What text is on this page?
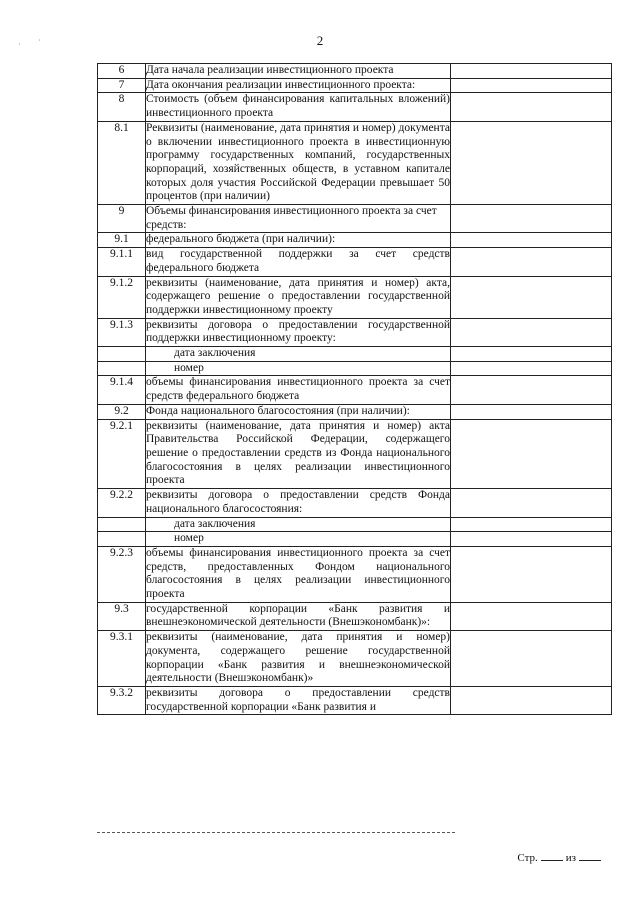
2
· ·
6	Дата начала реализации инвестиционного проекта	
7	Дата окончания реализации инвестиционного проекта:	
8	Стоимость (объем финансирования капитальных вложений) инвестиционного проекта	
8.1	Реквизиты (наименование, дата принятия и номер) документа о включении инвестиционного проекта в инвестиционную программу государственных компаний, государственных корпораций, хозяйственных обществ, в уставном капитале которых доля участия Российской Федерации превышает 50 процентов (при наличии)	
9	Объемы финансирования инвестиционного проекта за счет средств:	
9.1	федерального бюджета (при наличии):	
9.1.1	вид государственной поддержки за счет средств федерального бюджета	
9.1.2	реквизиты (наименование, дата принятия и номер) акта, содержащего решение о предоставлении государственной поддержки инвестиционному проекту	
9.1.3	реквизиты договора о предоставлении государственной поддержки инвестиционному проекту:	
	дата заключения	
	номер	
9.1.4	объемы финансирования инвестиционного проекта за счет средств федерального бюджета	
9.2	Фонда национального благосостояния (при наличии):	
9.2.1	реквизиты (наименование, дата принятия и номер) акта Правительства Российской Федерации, содержащего решение о предоставлении средств из Фонда национального благосостояния в целях реализации инвестиционного проекта	
9.2.2	реквизиты договора о предоставлении средств Фонда национального благосостояния:	
	дата заключения	
	номер	
9.2.3	объемы финансирования инвестиционного проекта за счет средств, предоставленных Фондом национального благосостояния в целях реализации инвестиционного проекта	
9.3	государственной корпорации «Банк развития и внешнеэкономической деятельности (Внешэкономбанк)»:	
9.3.1	реквизиты (наименование, дата принятия и номер) документа, содержащего решение государственной корпорации «Банк развития и внешнеэкономической деятельности (Внешэкономбанк)»	
9.3.2	реквизиты договора о предоставлении средств государственной корпорации «Банк развития и	
Стр.	из
